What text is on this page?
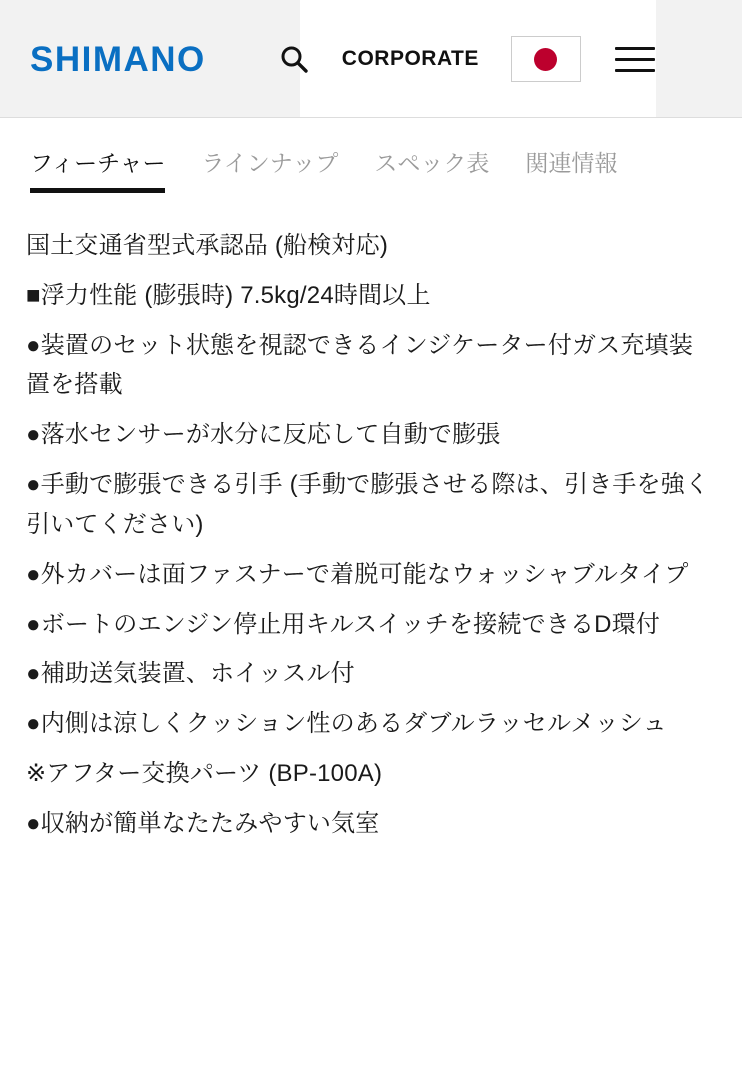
SHIMANO	CORPORATE
フィーチャー	ラインナップ	スペック表	関連情報

国土交通省型式承認品 (船検対応)

■浮力性能 (膨張時) 7.5kg/24時間以上

●装置のセット状態を視認できるインジケーター付ガス充填装置を搭載

●落水センサーが水分に反応して自動で膨張

●手動で膨張できる引手 (手動で膨張させる際は、引き手を強く引いてください)

●外カバーは面ファスナーで着脱可能なウォッシャブルタイプ

●ボートのエンジン停止用キルスイッチを接続できるD環付

●補助送気装置、ホイッスル付

●内側は涼しくクッション性のあるダブルラッセルメッシュ

※アフター交換パーツ (BP-100A)

●収納が簡単なたたみやすい気室
